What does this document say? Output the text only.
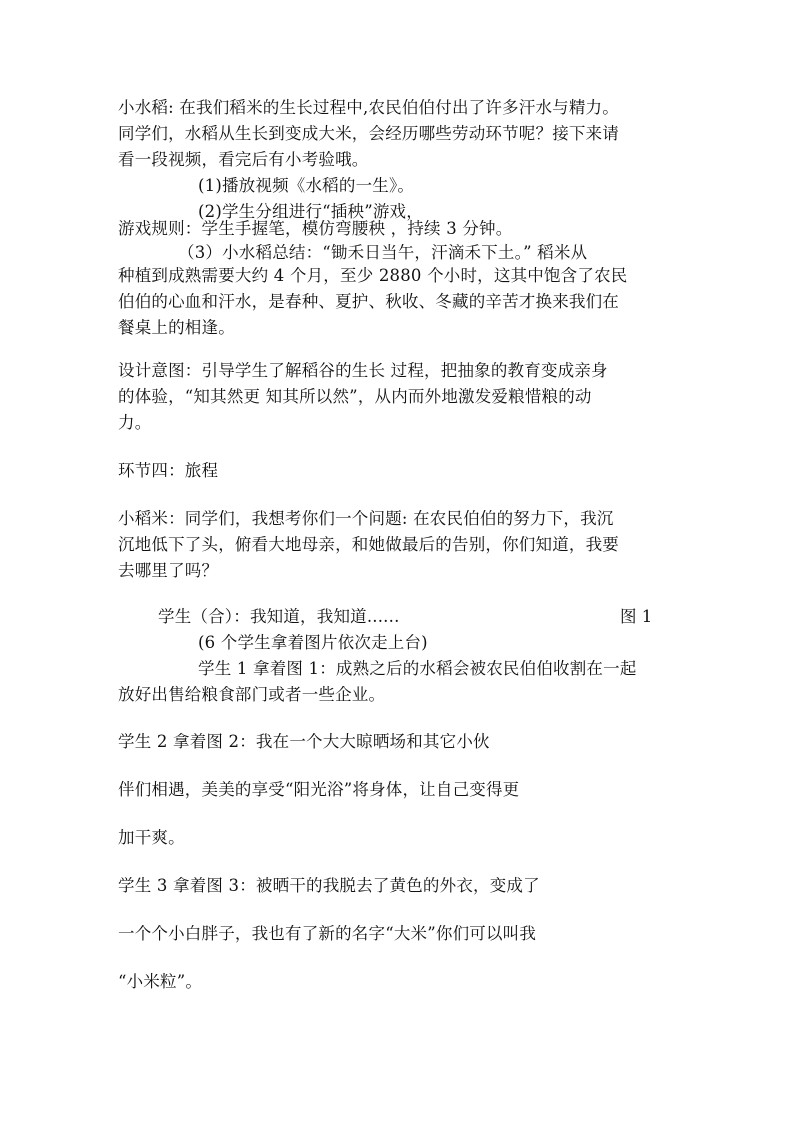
小水稻: 在我们稻米的生长过程中,农民伯伯付出了许多汗水与精力。
同学们，水稻从生长到变成大米，会经历哪些劳动环节呢？接下来请
看一段视频，看完后有小考验哦。
(1)播放视频《水稻的一生》。
(2)学生分组进行“插秧”游戏，
游戏规则：学生手握笔，模仿弯腰秧 ，持续 3 分钟。
（3）小水稻总结：“锄禾日当午，汗滴禾下土。” 稻米从
种植到成熟需要大约 4 个月，至少 2880 个小时，这其中饱含了农民
伯伯的心血和汗水，是春种、夏护、秋收、冬藏的辛苦才换来我们在
餐桌上的相逢。
设计意图：引导学生了解稻谷的生长 过程，把抽象的教育变成亲身
的体验，“知其然更 知其所以然”，从内而外地激发爱粮惜粮的动
力。
环节四：旅程
小稻米：同学们，我想考你们一个问题: 在农民伯伯的努力下，我沉
沉地低下了头，俯看大地母亲，和她做最后的告别，你们知道，我要
去哪里了吗？
学生（合）：我知道，我知道......	图 1
(6 个学生拿着图片依次走上台)
学生 1 拿着图 1：成熟之后的水稻会被农民伯伯收割在一起
放好出售给粮食部门或者一些企业。
学生 2 拿着图 2：我在一个大大晾晒场和其它小伙
伴们相遇，美美的享受“阳光浴”将身体，让自己变得更
加干爽。
学生 3 拿着图 3：被晒干的我脱去了黄色的外衣，变成了
一个个小白胖子，我也有了新的名字“大米”你们可以叫我
“小米粒”。
